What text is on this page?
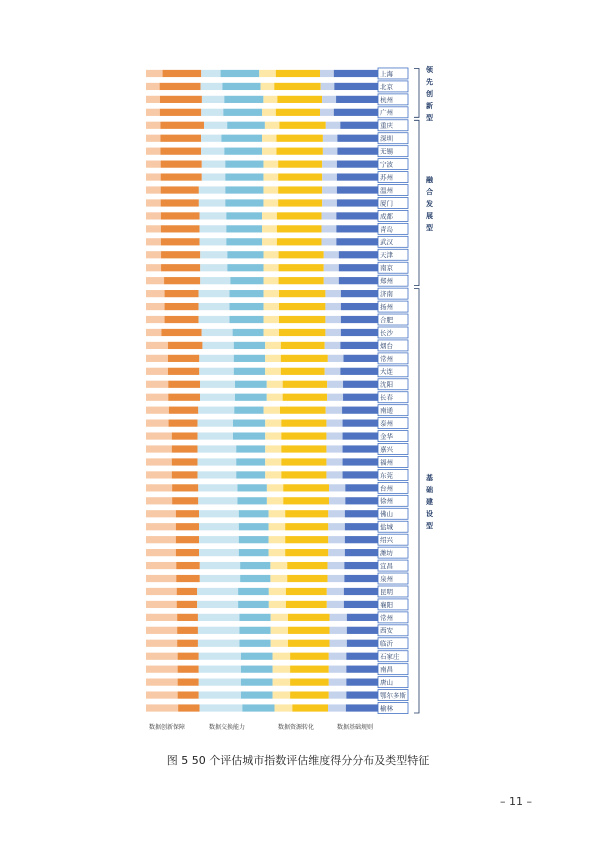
上海
北京
杭州
广州
重庆
深圳
无锡
宁波
苏州
温州
厦门
成都
青岛
武汉
天津
南京
郑州
济南
扬州
合肥
长沙
烟台
常州
大连
沈阳
长春
南通
泰州
金华
嘉兴
福州
东莞
台州
徐州
佛山
盐城
绍兴
潍坊
宜昌
泉州
昆明
襄阳
常州
西安
临沂
石家庄
南昌
唐山
鄂尔多斯
榆林
领
先
创
新
型
融
合
发
展
型
基
础
建
设
型
数据创新保障	数据交换能力	数据资源转化	数据基础规则
图 5 50 个评估城市指数评估维度得分分布及类型特征
– 11 –
